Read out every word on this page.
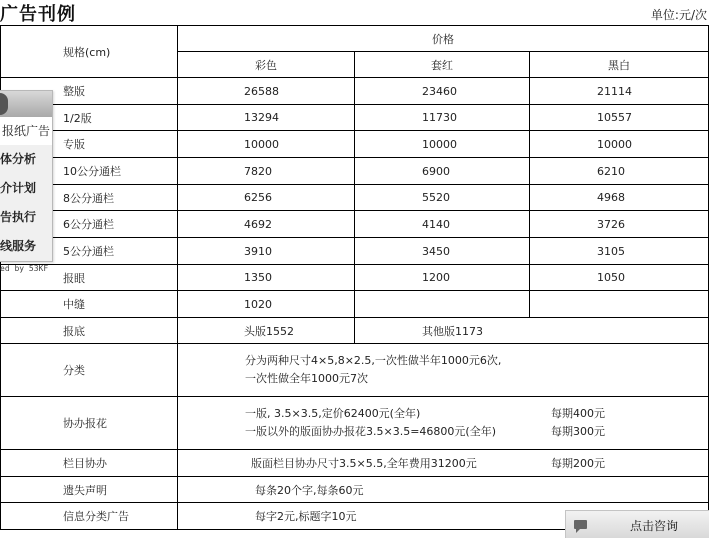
广告刊例	单位:元/次
规格(cm)	价格		
	彩色	套红	黑白
整版	26588	23460	21114
1/2版	13294	11730	10557
专版	10000	10000	10000
10公分通栏	7820	6900	6210
8公分通栏	6256	5520	4968
6公分通栏	4692	4140	3726
5公分通栏	3910	3450	3105
报眼	1350	1200	1050
中缝	1020		
报底	头版1552	其他版1173	
分类	分为两种尺寸4×5,8×2.5,一次性做半年1000元6次,
一次性做全年1000元7次		

协办报花	一版, 3.5×3.5,定价62400元(全年) 每期400元
一版以外的版面协办报花3.5×3.5=46800元(全年) 每期300元		

栏目协办	版面栏目协办尺寸3.5×5.5,全年费用31200元 每期200元		

遗失声明	每条20个字,每条60元		
信息分类广告	每字2元,标题字10元		
报纸广告
体分析
介计划
告执行
线服务
ed by 53KF
点击咨询
